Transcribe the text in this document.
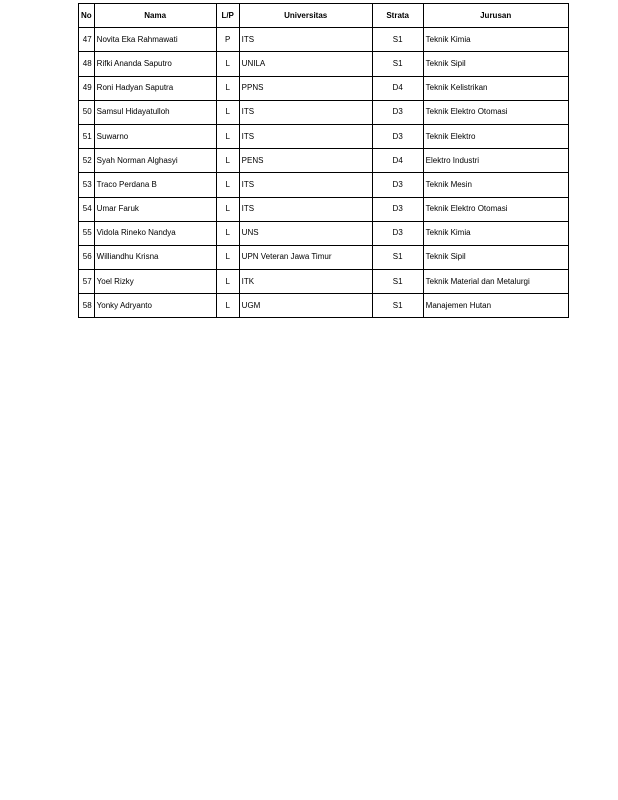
No	Nama	L/P	Universitas	Strata	Jurusan
47	Novita Eka Rahmawati	P	ITS	S1	Teknik Kimia
48	Rifki Ananda Saputro	L	UNILA	S1	Teknik Sipil
49	Roni Hadyan Saputra	L	PPNS	D4	Teknik Kelistrikan
50	Samsul Hidayatulloh	L	ITS	D3	Teknik Elektro Otomasi
51	Suwarno	L	ITS	D3	Teknik Elektro
52	Syah Norman Alghasyi	L	PENS	D4	Elektro Industri
53	Traco Perdana B	L	ITS	D3	Teknik Mesin
54	Umar Faruk	L	ITS	D3	Teknik Elektro Otomasi
55	Vidola Rineko Nandya	L	UNS	D3	Teknik Kimia
56	Williandhu Krisna	L	UPN Veteran Jawa Timur	S1	Teknik Sipil
57	Yoel Rizky	L	ITK	S1	Teknik Material dan Metalurgi
58	Yonky Adryanto	L	UGM	S1	Manajemen Hutan
